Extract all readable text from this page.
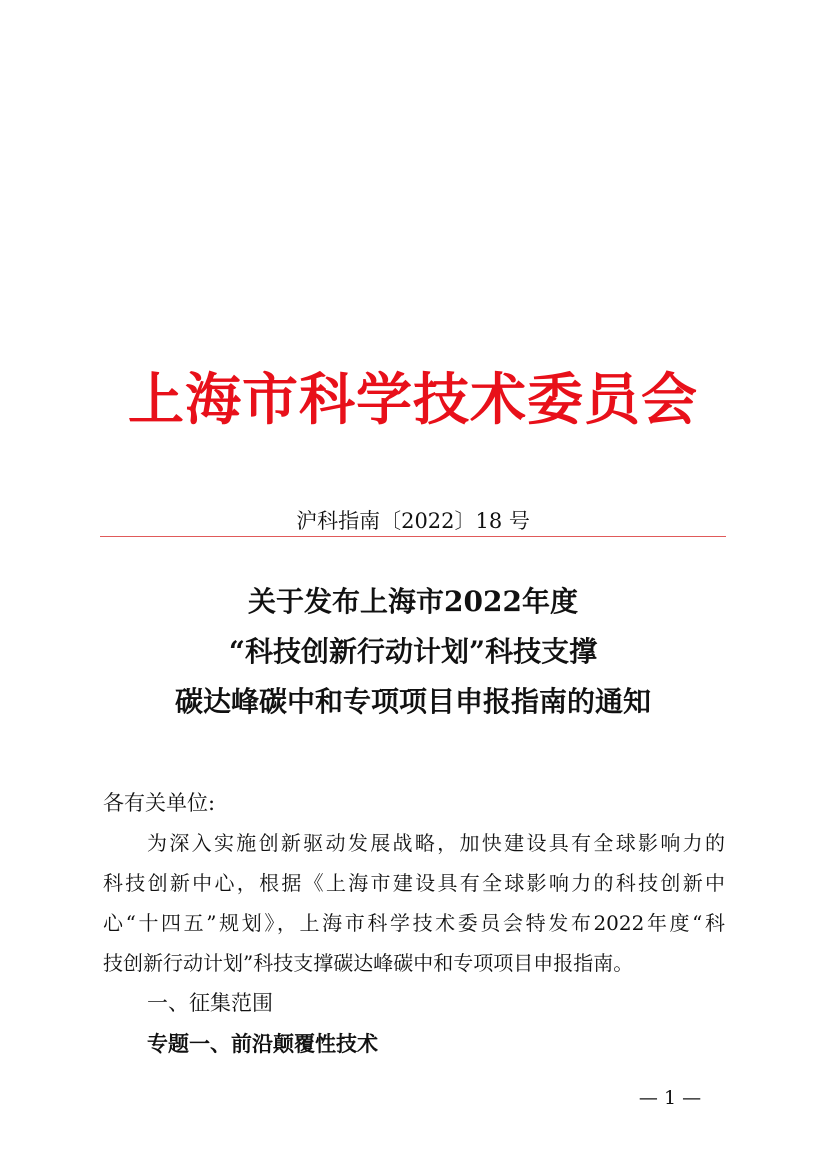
上海市科学技术委员会
沪科指南〔2022〕18 号
关于发布上海市2022年度
“科技创新行动计划”科技支撑
碳达峰碳中和专项项目申报指南的通知
各有关单位:
为深入实施创新驱动发展战略，加快建设具有全球影响力的
科技创新中心，根据《上海市建设具有全球影响力的科技创新中
心“十四五”规划》，上海市科学技术委员会特发布2022年度“科
技创新行动计划”科技支撑碳达峰碳中和专项项目申报指南。
一、征集范围
专题一、前沿颠覆性技术
— 1 —
